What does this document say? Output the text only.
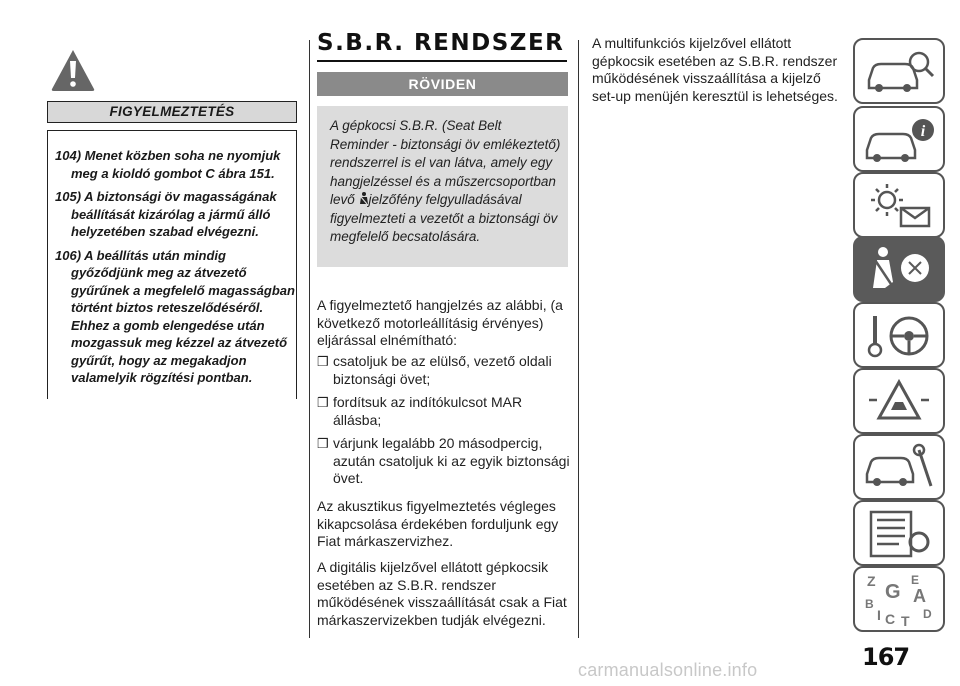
FIGYELMEZTETÉS

104) Menet közben soha ne nyomjuk meg a kioldó gombot C ábra 151.

105) A biztonsági öv magasságának beállítását kizárólag a jármű álló helyzetében szabad elvégezni.

106) A beállítás után mindig győződjünk meg az átvezető gyűrűnek a megfelelő magasságban történt biztos reteszelődéséről. Ehhez a gomb elengedése után mozgassuk meg kézzel az átvezető gyűrűt, hogy az megakadjon valamelyik rögzítési pontban.

S.B.R. RENDSZER
RÖVIDEN
A gépkocsi S.B.R. (Seat Belt Reminder - biztonsági öv emlékeztető) rendszerrel is el van látva, amely egy hangjelzéssel és a műszercsoportban levő jelzőfény felgyulladásával figyelmezteti a vezetőt a biztonsági öv megfelelő becsatolására.
A figyelmeztető hangjelzés az alábbi, (a következő motorleállításig érvényes) eljárással elnémítható:
❒ csatoljuk be az elülső, vezető oldali biztonsági övet;
❒ fordítsuk az indítókulcsot MAR állásba;
❒ várjunk legalább 20 másodpercig, azután csatoljuk ki az egyik biztonsági övet.
Az akusztikus figyelmeztetés végleges kikapcsolása érdekében forduljunk egy Fiat márkaszervizhez.
A digitális kijelzővel ellátott gépkocsik esetében az S.B.R. rendszer működésének visszaállítását csak a Fiat márkaszervizekben tudják elvégezni.
A multifunkciós kijelzővel ellátott gépkocsik esetében az S.B.R. rendszer működésének visszaállítása a kijelző set-up menüjén keresztül is lehetséges.
i
Z	E
G A
B
I C T D
167
carmanualsonline.info
